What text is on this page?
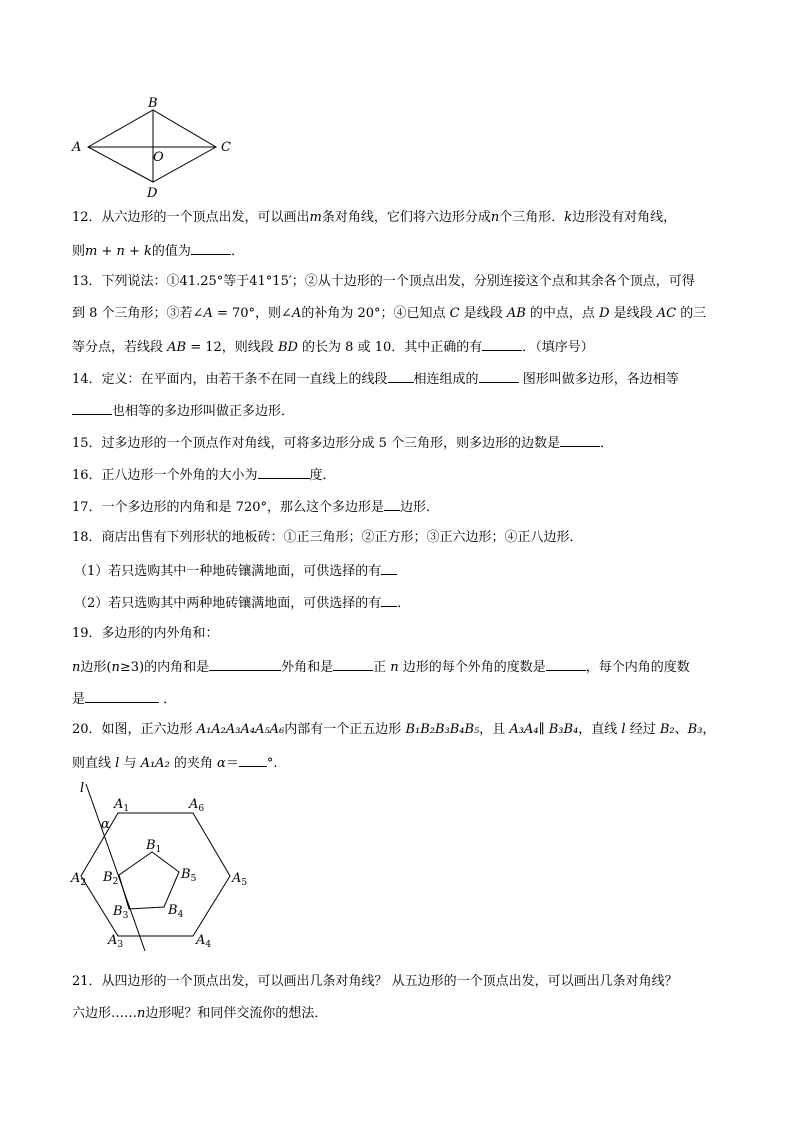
B
A	C
O
D
12．从六边形的一个顶点出发，可以画出m条对角线，它们将六边形分成n个三角形．k边形没有对角线，
则m + n + k的值为	．
13．下列说法：①41.25°等于41°15′；②从十边形的一个顶点出发，分别连接这个点和其余各个顶点，可得
到 8 个三角形；③若∠A = 70°，则∠A的补角为 20°；④已知点 C 是线段 AB 的中点，点 D 是线段 AC 的三
等分点，若线段 AB = 12，则线段 BD 的长为 8 或 10．其中正确的有	．（填序号）
14．定义：在平面内，由若干条不在同一直线上的线段 相连组成的	图形叫做多边形，各边相等
也相等的多边形叫做正多边形．
15．过多边形的一个顶点作对角线，可将多边形分成 5 个三角形，则多边形的边数是	．
16．正八边形一个外角的大小为	度．
17．一个多边形的内角和是 720°，那么这个多边形是 边形．
18．商店出售有下列形状的地板砖：①正三角形；②正方形；③正六边形；④正八边形．
（1）若只选购其中一种地砖镶满地面，可供选择的有
（2）若只选购其中两种地砖镶满地面，可供选择的有 ．
19．多边形的内外角和：
n边形(n≥3)的内角和是	外角和是	正 n 边形的每个外角的度数是	，每个内角的度数
是	．
20．如图，正六边形 A₁A₂A₃A₄A₅A₆内部有一个正五边形 B₁B₂B₃B₄B₅，且 A₃A₄∥ B₃B₄，直线 l 经过 B₂、B₃，
则直线 l 与 A₁A₂ 的夹角 α＝ °.
l
α
$A_1$	$A_6$
$A_2$	$A_5$
$A_3$	$A_4$
$B_1$
$B_5$
$B_2$
$B_3$	$B_4$
21．从四边形的一个顶点出发，可以画出几条对角线？ 从五边形的一个顶点出发，可以画出几条对角线？
六边形……n边形呢？和同伴交流你的想法．
